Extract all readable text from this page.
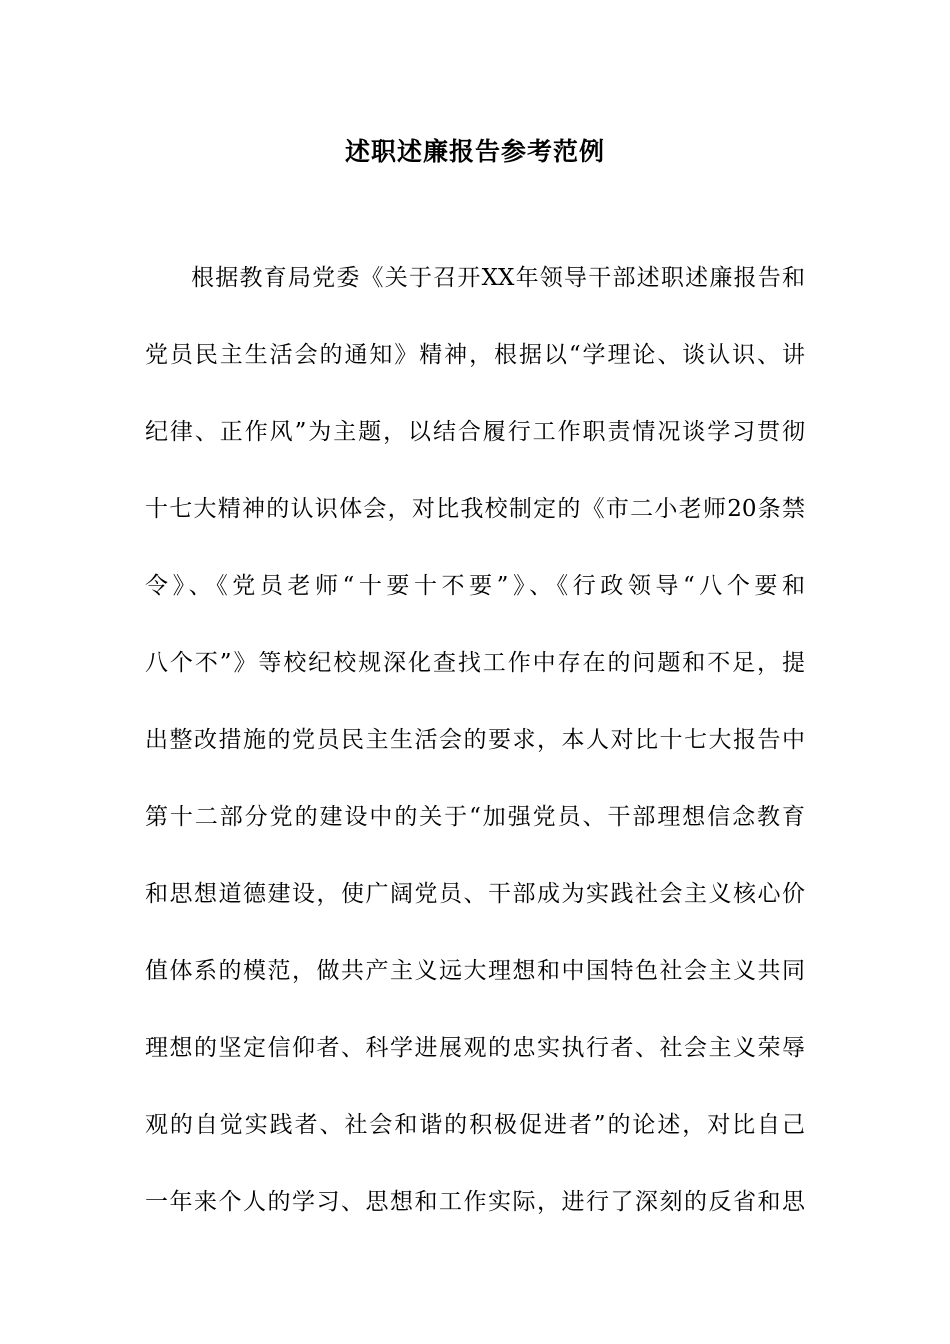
述职述廉报告参考范例
根据教育局党委《关于召开XX年领导干部述职述廉报告和
党员民主生活会的通知》精神，根据以“学理论、谈认识、讲
纪律、正作风”为主题，以结合履行工作职责情况谈学习贯彻
十七大精神的认识体会，对比我校制定的《市二小老师20条禁
令》、《党员老师“十要十不要”》、《行政领导“八个要和
八个不”》等校纪校规深化查找工作中存在的问题和不足，提
出整改措施的党员民主生活会的要求，本人对比十七大报告中
第十二部分党的建设中的关于“加强党员、干部理想信念教育
和思想道德建设，使广阔党员、干部成为实践社会主义核心价
值体系的模范，做共产主义远大理想和中国特色社会主义共同
理想的坚定信仰者、科学进展观的忠实执行者、社会主义荣辱
观的自觉实践者、社会和谐的积极促进者”的论述，对比自己
一年来个人的学习、思想和工作实际，进行了深刻的反省和思
